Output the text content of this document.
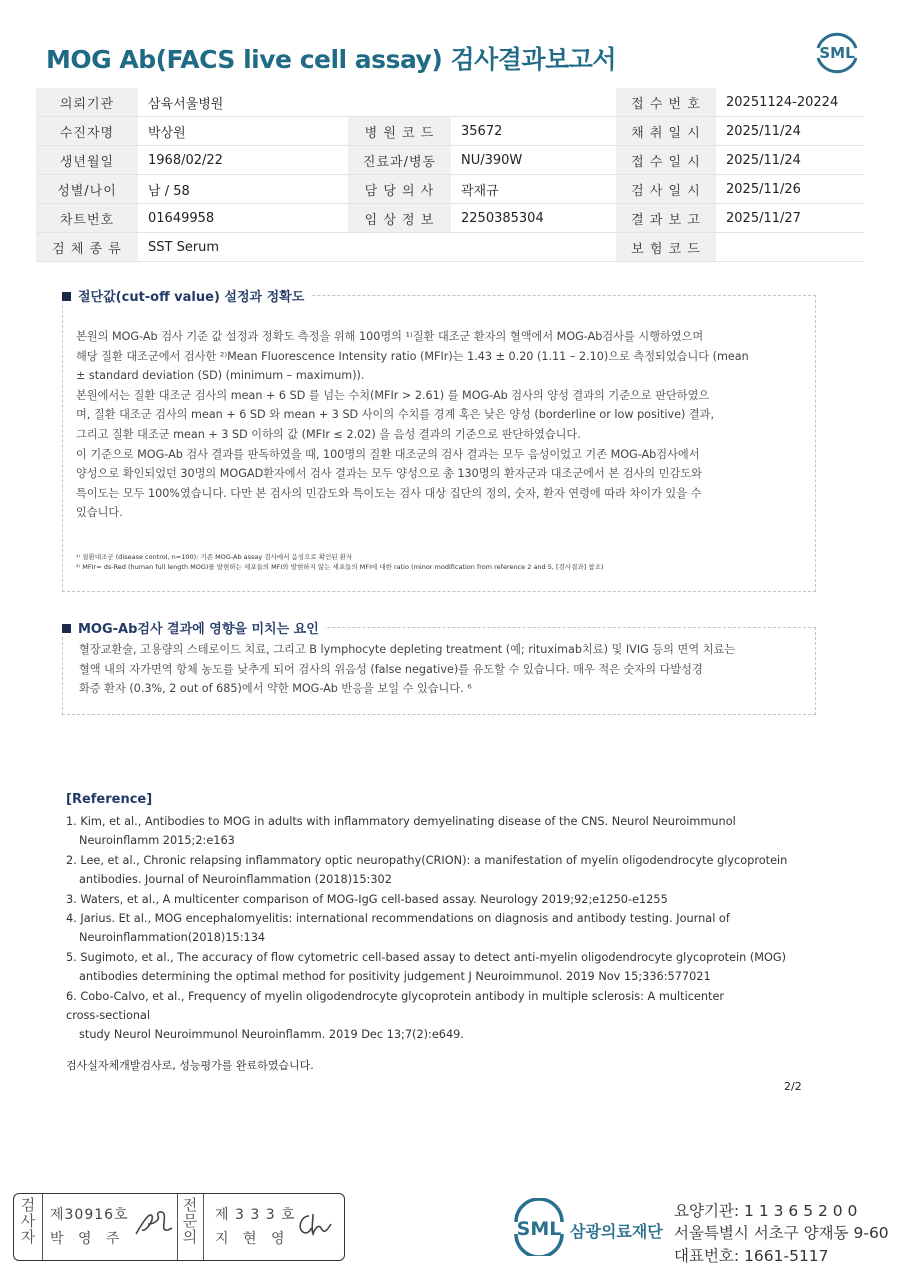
MOG Ab(FACS live cell assay) 검사결과보고서	SML
의뢰기관	삼육서울병원			접 수 번 호	20251124-20224
수진자명	박상원	병 원 코 드	35672	채 취 일 시	2025/11/24
생년월일	1968/02/22	진료과/병동	NU/390W	접 수 일 시	2025/11/24
성별/나이	남 / 58	담 당 의 사	곽재규	검 사 일 시	2025/11/26
차트번호	01649958	임 상 정 보	2250385304	결 과 보 고	2025/11/27
검 체 종 류	SST Serum			보 험 코 드	
절단값(cut-off value) 설정과 정확도
본원의 MOG-Ab 검사 기준 값 설정과 정확도 측정을 위해 100명의 ¹⁾질환 대조군 환자의 혈액에서 MOG-Ab검사를 시행하였으며
해당 질환 대조군에서 검사한 ²⁾Mean Fluorescence Intensity ratio (MFIr)는 1.43 ± 0.20 (1.11 – 2.10)으로 측정되었습니다 (mean
± standard deviation (SD) (minimum – maximum)).
본원에서는 질환 대조군 검사의 mean + 6 SD 를 넘는 수치(MFIr > 2.61) 를 MOG-Ab 검사의 양성 결과의 기준으로 판단하였으
며, 질환 대조군 검사의 mean + 6 SD 와 mean + 3 SD 사이의 수치를 경계 혹은 낮은 양성 (borderline or low positive) 결과,
그리고 질환 대조군 mean + 3 SD 이하의 값 (MFIr ≤ 2.02) 을 음성 결과의 기준으로 판단하였습니다.
이 기준으로 MOG-Ab 검사 결과를 판독하였을 때, 100명의 질환 대조군의 검사 결과는 모두 음성이었고 기존 MOG-Ab검사에서
양성으로 확인되었던 30명의 MOGAD환자에서 검사 결과는 모두 양성으로 총 130명의 환자군과 대조군에서 본 검사의 민감도와
특이도는 모두 100%였습니다. 다만 본 검사의 민감도와 특이도는 검사 대상 집단의 정의, 숫자, 환자 연령에 따라 차이가 있을 수
있습니다.
¹⁾ 질환대조군 (disease control, n=100): 기존 MOG-Ab assay 검사에서 음성으로 확인된 환자
²⁾ MFIr= ds-Red (human full length MOG)를 발현하는 세포들의 MFI와 발현하지 않는 세포들의 MFI에 대한 ratio (minor modification from reference 2 and 5, [검사결과] 참조)
MOG-Ab검사 결과에 영향을 미치는 요인
혈장교환술, 고용량의 스테로이드 치료, 그리고 B lymphocyte depleting treatment (예; rituximab치료) 및 IVIG 등의 면역 치료는
혈액 내의 자가면역 항체 농도를 낮추게 되어 검사의 위음성 (false negative)를 유도할 수 있습니다. 매우 적은 숫자의 다발성경
화증 환자 (0.3%, 2 out of 685)에서 약한 MOG-Ab 반응을 보일 수 있습니다. ⁶
[Reference]
1. Kim, et al., Antibodies to MOG in adults with inflammatory demyelinating disease of the CNS. Neurol Neuroimmunol
Neuroinflamm 2015;2:e163
2. Lee, et al., Chronic relapsing inflammatory optic neuropathy(CRION): a manifestation of myelin oligodendrocyte glycoprotein
antibodies. Journal of Neuroinflammation (2018)15:302
3. Waters, et al., A multicenter comparison of MOG-IgG cell-based assay. Neurology 2019;92;e1250-e1255
4. Jarius. Et al., MOG encephalomyelitis: international recommendations on diagnosis and antibody testing. Journal of
Neuroinflammation(2018)15:134
5. Sugimoto, et al., The accuracy of flow cytometric cell-based assay to detect anti-myelin oligodendrocyte glycoprotein (MOG)
antibodies determining the optimal method for positivity judgement J Neuroimmunol. 2019 Nov 15;336:577021
6. Cobo-Calvo, et al., Frequency of myelin oligodendrocyte glycoprotein antibody in multiple sclerosis: A multicenter
cross-sectional
study Neurol Neuroimmunol Neuroinflamm. 2019 Dec 13;7(2):e649.
검사실자체개발검사로, 성능평가를 완료하였습니다.
2/2
검
사
자
제30916호
박 영 주
전
문
의
제 3 3 3 호
지 현 영	SML 삼광의료재단
요양기관: 1 1 3 6 5 2 0 0
서울특별시 서초구 양재동 9-60
대표번호: 1661-5117
